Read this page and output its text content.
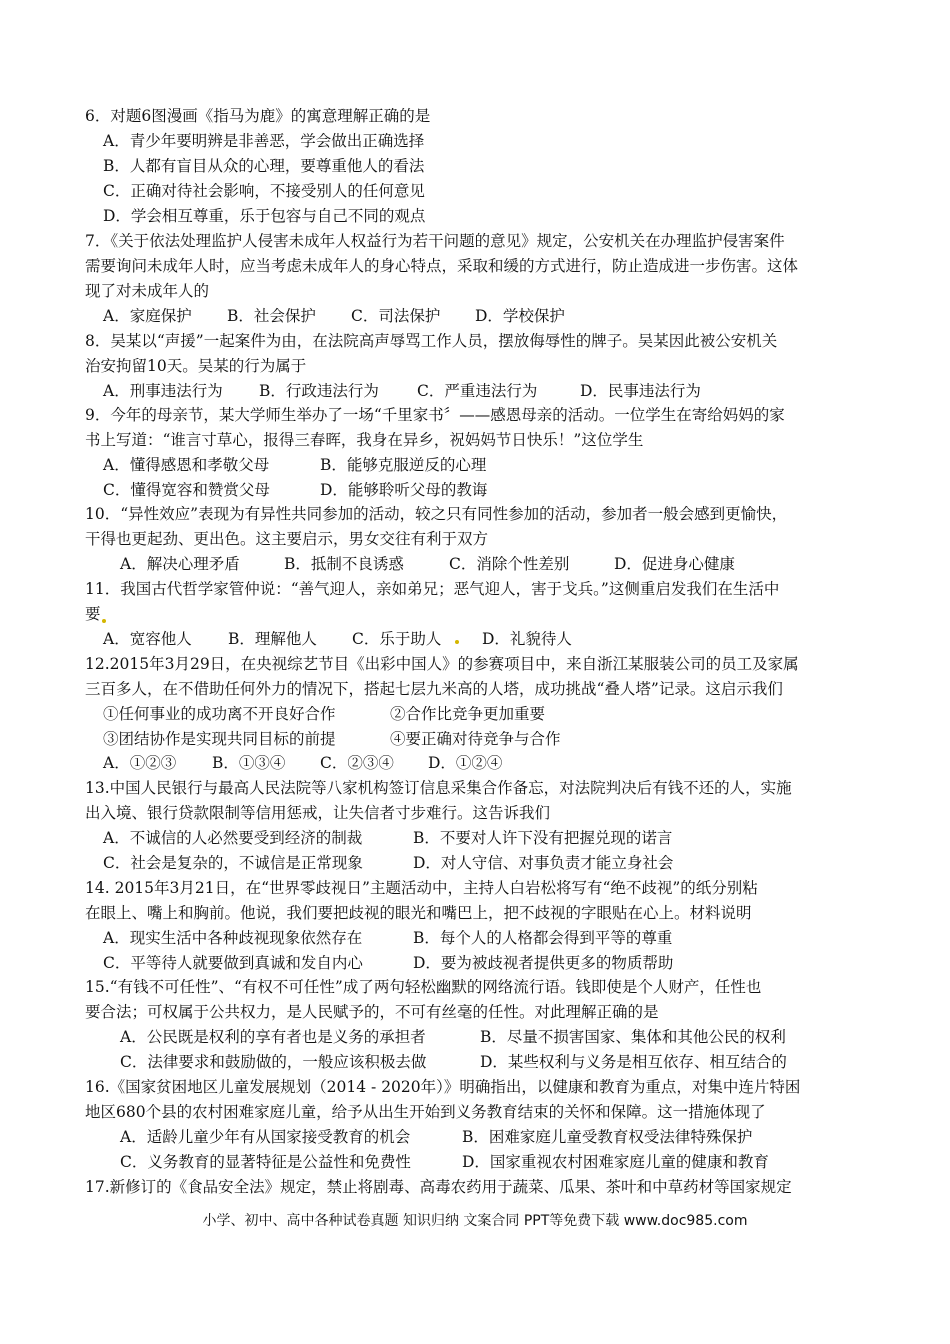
6．对题6图漫画《指马为鹿》的寓意理解正确的是
A．青少年要明辨是非善恶，学会做出正确选择
B．人都有盲目从众的心理，要尊重他人的看法
C．正确对待社会影响，不接受别人的任何意见
D．学会相互尊重，乐于包容与自己不同的观点
7．《关于依法处理监护人侵害未成年人权益行为若干问题的意见》规定，公安机关在办理监护侵害案件
需要询问未成年人时，应当考虑未成年人的身心特点，采取和缓的方式进行，防止造成进一步伤害。这体
现了对未成年人的
A．家庭保护 B．社会保护 C．司法保护 D．学校保护
8．吴某以“声援”一起案件为由，在法院高声辱骂工作人员，摆放侮辱性的牌子。吴某因此被公安机关
治安拘留10天。吴某的行为属于
A．刑事违法行为 B．行政违法行为 C．严重违法行为	D．民事违法行为
9．今年的母亲节，某大学师生举办了一场“千里家书〞——感恩母亲的活动。一位学生在寄给妈妈的家
书上写道：“谁言寸草心，报得三春晖，我身在异乡，祝妈妈节日快乐！”这位学生
A．懂得感恩和孝敬父母	B．能够克服逆反的心理
C．懂得宽容和赞赏父母	D．能够聆听父母的教诲
10．“异性效应”表现为有异性共同参加的活动，较之只有同性参加的活动，参加者一般会感到更愉快，
干得也更起劲、更出色。这主要启示，男女交往有利于双方
A．解决心理矛盾	B．抵制不良诱惑	C．消除个性差别	D．促进身心健康
11．我国古代哲学家管仲说：“善气迎人，亲如弟兄；恶气迎人，害于戈兵。”这侧重启发我们在生活中
要
A．宽容他人 B．理解他人 C．乐于助人	D．礼貌待人
12.2015年3月29日，在央视综艺节目《出彩中国人》的参赛项目中，来自浙江某服装公司的员工及家属
三百多人，在不借助任何外力的情况下，搭起七层九米高的人塔，成功挑战“叠人塔”记录。这启示我们
①任何事业的成功离不开良好合作	②合作比竞争更加重要
③团结协作是实现共同目标的前提	④要正确对待竞争与合作
A．①②③ B．①③④ C．②③④ D．①②④
13.中国人民银行与最高人民法院等八家机构签订信息采集合作备忘，对法院判决后有钱不还的人，实施
出入境、银行贷款限制等信用惩戒，让失信者寸步难行。这告诉我们
A．不诚信的人必然要受到经济的制裁	B．不要对人许下没有把握兑现的诺言
C．社会是复杂的，不诚信是正常现象	D．对人守信、对事负责才能立身社会
14. 2015年3月21日，在“世界零歧视日”主题活动中，主持人白岩松将写有“绝不歧视”的纸分别粘
在眼上、嘴上和胸前。他说，我们要把歧视的眼光和嘴巴上，把不歧视的字眼贴在心上。材料说明
A．现实生活中各种歧视现象依然存在	B．每个人的人格都会得到平等的尊重
C．平等待人就要做到真诚和发自内心	D．要为被歧视者提供更多的物质帮助
15.“有钱不可任性”、“有权不可任性”成了两句轻松幽默的网络流行语。钱即使是个人财产，任性也
要合法；可权属于公共权力，是人民赋予的，不可有丝毫的任性。对此理解正确的是
A．公民既是权利的享有者也是义务的承担者	B．尽量不损害国家、集体和其他公民的权利
C．法律要求和鼓励做的，一般应该积极去做	D．某些权利与义务是相互依存、相互结合的
16.《国家贫困地区儿童发展规划（2014 - 2020年）》明确指出，以健康和教育为重点，对集中连片特困
地区680个县的农村困难家庭儿童，给予从出生开始到义务教育结束的关怀和保障。这一措施体现了
A．适龄儿童少年有从国家接受教育的机会	B．困难家庭儿童受教育权受法律特殊保护
C．义务教育的显著特征是公益性和免费性	D．国家重视农村困难家庭儿童的健康和教育
17.新修订的《食品安全法》规定，禁止将剧毒、高毒农药用于蔬菜、瓜果、茶叶和中草药材等国家规定
小学、初中、高中各种试卷真题 知识归纳 文案合同 PPT等免费下载 www.doc985.com
